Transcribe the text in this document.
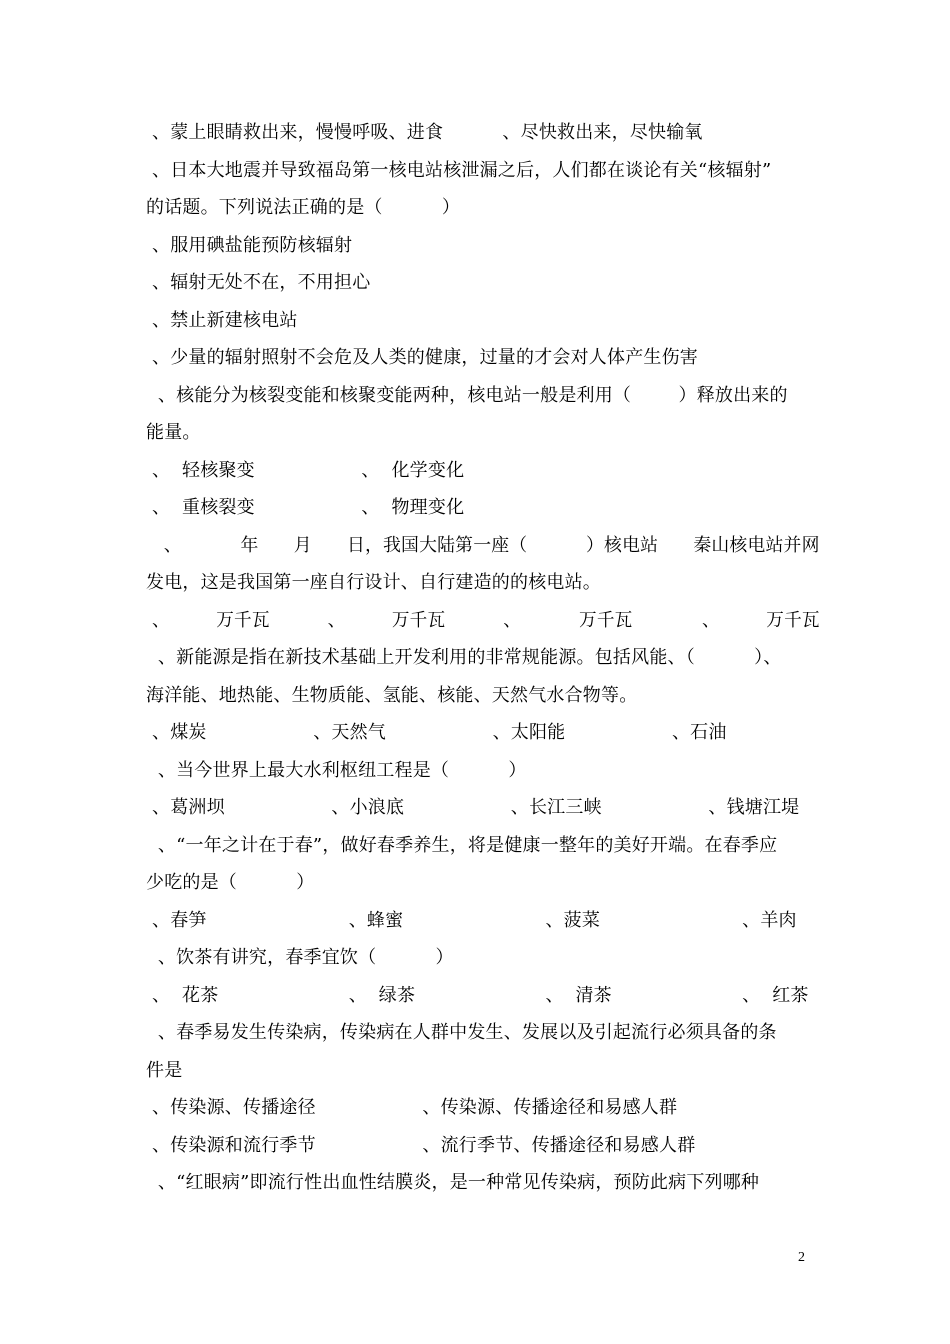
、蒙上眼睛救出来，慢慢呼吸、进食          、尽快救出来，尽快输氧
、日本大地震并导致福岛第一核电站核泄漏之后，人们都在谈论有关“核辐射”
的话题。下列说法正确的是（          ）
、服用碘盐能预防核辐射
、辐射无处不在，不用担心
、禁止新建核电站
、少量的辐射照射不会危及人类的健康，过量的才会对人体产生伤害
、核能分为核裂变能和核聚变能两种，核电站一般是利用（        ）释放出来的
能量。
、  轻核聚变                  、  化学变化
、  重核裂变                  、  物理变化
、          年      月      日，我国大陆第一座（          ）核电站      秦山核电站并网
发电，这是我国第一座自行设计、自行建造的的核电站。
、        万千瓦          、        万千瓦          、          万千瓦            、        万千瓦
、新能源是指在新技术基础上开发利用的非常规能源。包括风能、（          ）、
海洋能、地热能、生物质能、氢能、核能、天然气水合物等。
、煤炭                  、天然气                  、太阳能                  、石油
、当今世界上最大水利枢纽工程是（          ）
、葛洲坝                  、小浪底                  、长江三峡                  、钱塘江堤
、“一年之计在于春”，做好春季养生，将是健康一整年的美好开端。在春季应
少吃的是（          ）
、春笋                        、蜂蜜                        、菠菜                        、羊肉
、饮茶有讲究，春季宜饮（          ）
、  花茶                      、  绿茶                      、  清茶                      、  红茶
、春季易发生传染病，传染病在人群中发生、发展以及引起流行必须具备的条
件是
、传染源、传播途径                  、传染源、传播途径和易感人群
、传染源和流行季节                  、流行季节、传播途径和易感人群
、“红眼病”即流行性出血性结膜炎，是一种常见传染病，预防此病下列哪种
2
